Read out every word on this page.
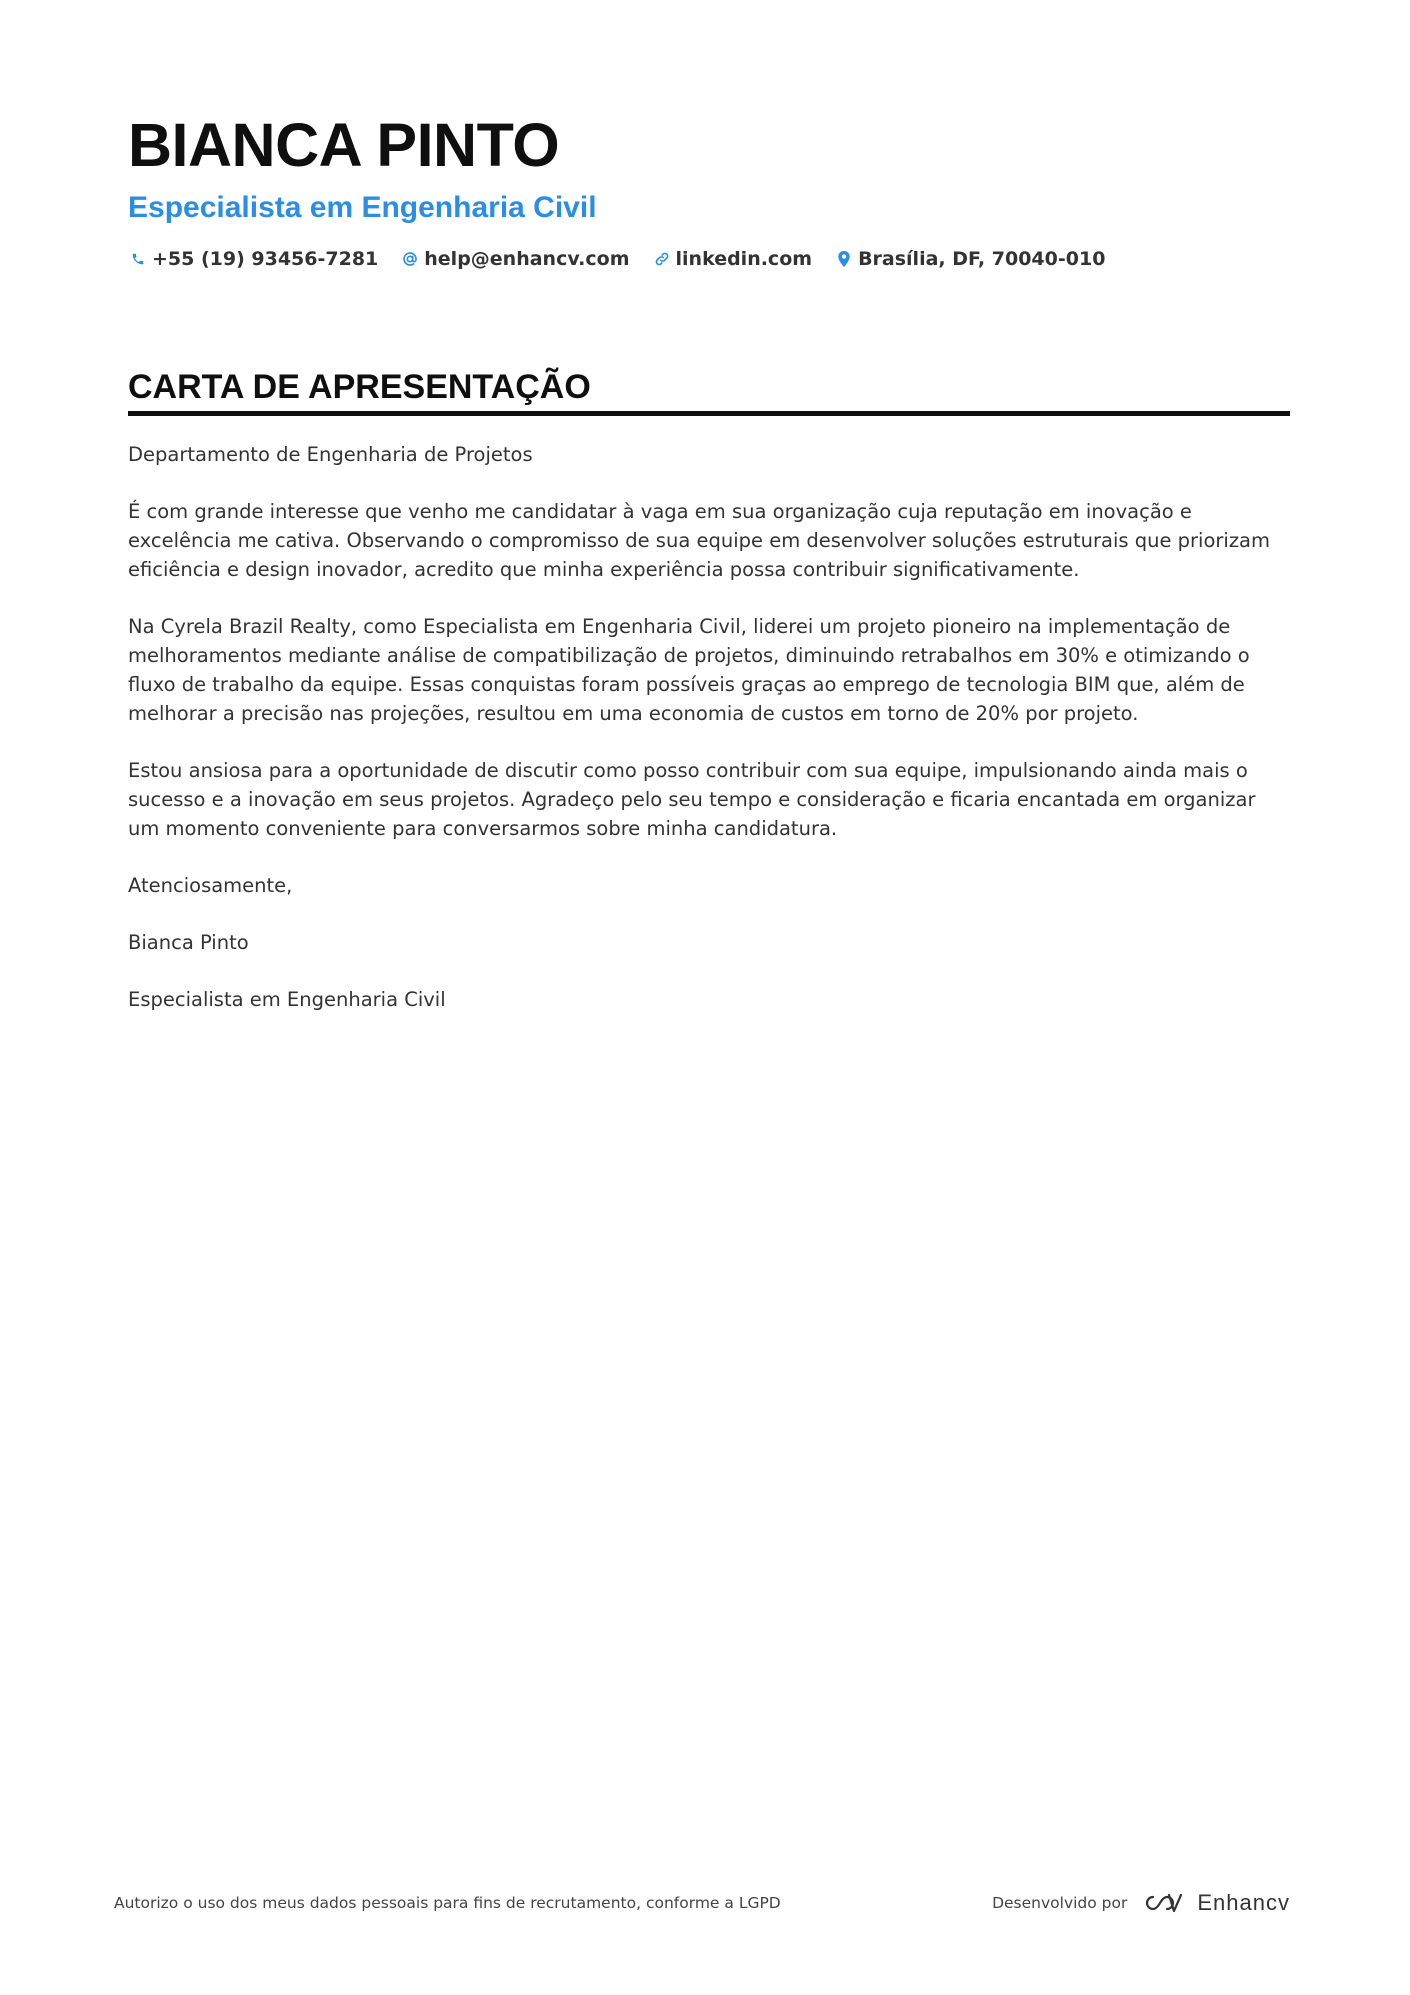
BIANCA PINTO
Especialista em Engenharia Civil
+55 (19) 93456-7281 help@enhancv.com linkedin.com Brasília, DF, 70040-010
CARTA DE APRESENTAÇÃO

Departamento de Engenharia de Projetos

É com grande interesse que venho me candidatar à vaga em sua organização cuja reputação em inovação e excelência me cativa. Observando o compromisso de sua equipe em desenvolver soluções estruturais que priorizam eficiência e design inovador, acredito que minha experiência possa contribuir significativamente.

Na Cyrela Brazil Realty, como Especialista em Engenharia Civil, liderei um projeto pioneiro na implementação de melhoramentos mediante análise de compatibilização de projetos, diminuindo retrabalhos em 30% e otimizando o fluxo de trabalho da equipe. Essas conquistas foram possíveis graças ao emprego de tecnologia BIM que, além de melhorar a precisão nas projeções, resultou em uma economia de custos em torno de 20% por projeto.

Estou ansiosa para a oportunidade de discutir como posso contribuir com sua equipe, impulsionando ainda mais o sucesso e a inovação em seus projetos. Agradeço pelo seu tempo e consideração e ficaria encantada em organizar um momento conveniente para conversarmos sobre minha candidatura.

Atenciosamente,

Bianca Pinto

Especialista em Engenharia Civil

Autorizo o uso dos meus dados pessoais para fins de recrutamento, conforme a LGPD	Desenvolvido por	Enhancv
